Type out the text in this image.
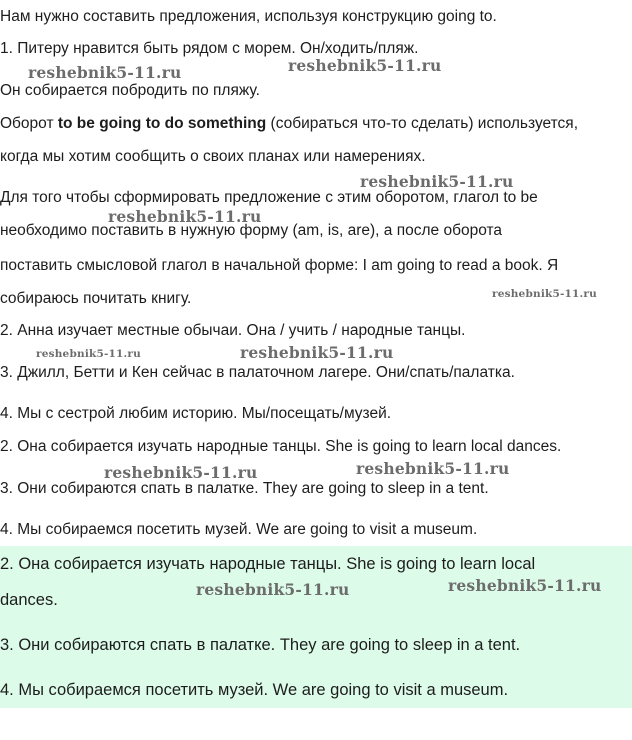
Нам нужно составить предложения, используя конструкцию going to.
1. Питеру нравится быть рядом с морем. Он/ходить/пляж.
Он собирается побродить по пляжу.
Оборот to be going to do something (собираться что-то сделать) используется,
когда мы хотим сообщить о своих планах или намерениях.
Для того чтобы сформировать предложение с этим оборотом, глагол to be
необходимо поставить в нужную форму (am, is, are), а после оборота
поставить смысловой глагол в начальной форме: I am going to read a book. Я
собираюсь почитать книгу.
2. Анна изучает местные обычаи. Она / учить / народные танцы.
3. Джилл, Бетти и Кен сейчас в палаточном лагере. Они/спать/палатка.
4. Мы с сестрой любим историю. Мы/посещать/музей.
2. Она собирается изучать народные танцы. She is going to learn local dances.
3. Они собираются спать в палатке. They are going to sleep in a tent.
4. Мы собираемся посетить музей. We are going to visit a museum.
2. Она собирается изучать народные танцы. She is going to learn local
dances.
3. Они собираются спать в палатке. They are going to sleep in a tent.
4. Мы собираемся посетить музей. We are going to visit a museum.
reshebnik5-11.ru	reshebnik5-11.ru
reshebnik5-11.ru
reshebnik5-11.ru
reshebnik5-11.ru
reshebnik5-11.ru	reshebnik5-11.ru
reshebnik5-11.ru	reshebnik5-11.ru
reshebnik5-11.ru	reshebnik5-11.ru
